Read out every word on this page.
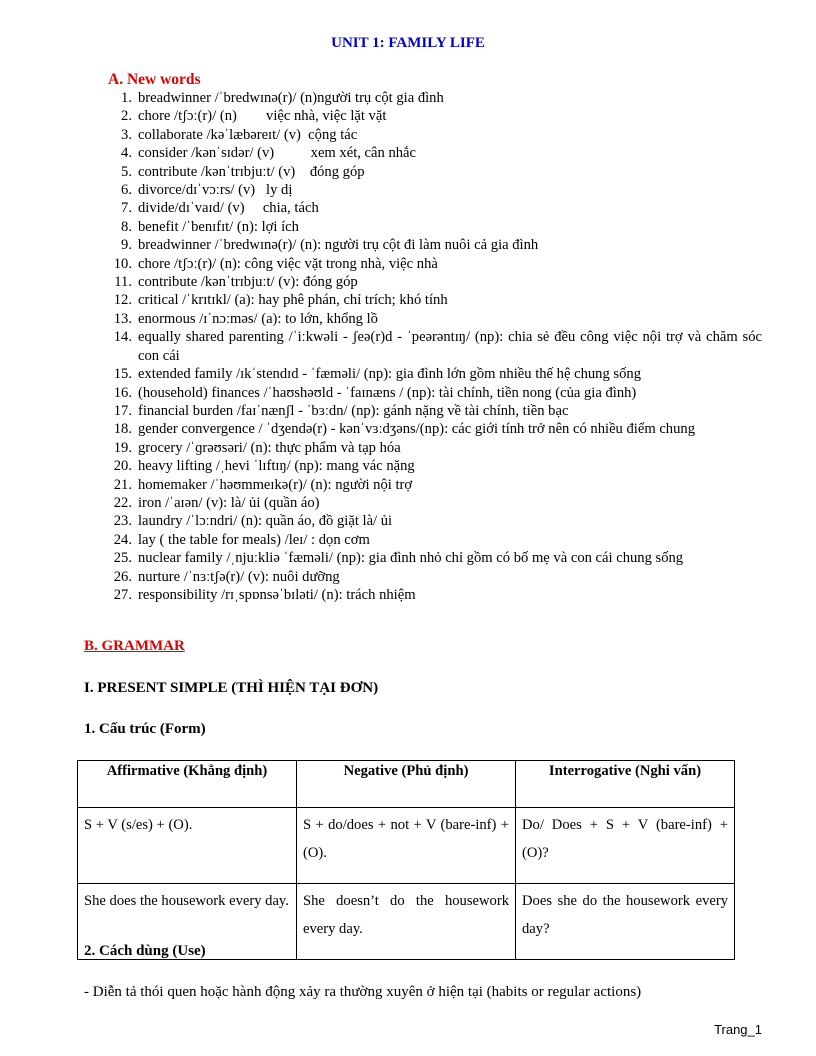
UNIT 1: FAMILY LIFE
A. New words
1. breadwinner /ˈbredwɪnə(r)/ (n)người trụ cột gia đình
2. chore /tʃɔː(r)/ (n)        việc nhà, việc lặt vặt
3. collaborate /kəˈlæbəreɪt/ (v)  cộng tác
4. consider /kənˈsɪdər/ (v)          xem xét, cân nhắc
5. contribute /kənˈtrɪbjuːt/ (v)    đóng góp
6. divorce/dɪˈvɔːrs/ (v)   ly dị
7. divide/dɪˈvaɪd/ (v)     chia, tách
8. benefit /ˈbenɪfɪt/ (n): lợi ích
9. breadwinner /ˈbredwɪnə(r)/ (n): người trụ cột đi làm nuôi cả gia đình
10. chore /tʃɔː(r)/ (n): công việc vặt trong nhà, việc nhà
11. contribute /kənˈtrɪbjuːt/ (v): đóng góp
12. critical /ˈkrɪtɪkl/ (a): hay phê phán, chỉ trích; khó tính
13. enormous /ɪˈnɔːməs/ (a): to lớn, khổng lồ
14. equally shared parenting /ˈiːkwəli - ʃeə(r)d - ˈpeərəntɪŋ/ (np): chia sẻ đều công việc nội trợ và chăm sóc con cái
15. extended family /ɪkˈstendɪd - ˈfæməli/ (np): gia đình lớn gồm nhiều thế hệ chung sống
16. (household) finances /ˈhaʊshəʊld - ˈfaɪnæns / (np): tài chính, tiền nong (của gia đình)
17. financial burden /faɪˈnænʃl - ˈbɜːdn/ (np): gánh nặng về tài chính, tiền bạc
18. gender convergence / ˈdʒendə(r) - kənˈvɜːdʒəns/(np): các giới tính trở nên có nhiều điểm chung
19. grocery /ˈɡrəʊsəri/ (n): thực phẩm và tạp hóa
20. heavy lifting /ˌhevi ˈlɪftɪŋ/ (np): mang vác nặng
21. homemaker /ˈhəʊmmeɪkə(r)/ (n): người nội trợ
22. iron /ˈaɪən/ (v): là/ ủi (quần áo)
23. laundry /ˈlɔːndri/ (n): quần áo, đồ giặt là/ ủi
24. lay ( the table for meals) /leɪ/ : dọn cơm
25. nuclear family /ˌnjuːkliə ˈfæməli/ (np): gia đình nhỏ chỉ gồm có bố mẹ và con cái chung sống
26. nurture /ˈnɜːtʃə(r)/ (v): nuôi dưỡng
27. responsibility /rɪˌspɒnsəˈbɪləti/ (n): trách nhiệm
B. GRAMMAR
I. PRESENT SIMPLE (THÌ HIỆN TẠI ĐƠN)
1. Cấu trúc (Form)
Affirmative (Khẳng định)	Negative (Phủ định)	Interrogative (Nghi vấn)
S + V (s/es) + (O).	S + do/does + not + V (bare-inf) + (O).	Do/ Does + S + V (bare-inf) + (O)?
She does the housework every day.	She doesn’t do the housework every day.	Does she do the housework every day?
2. Cách dùng (Use)
- Diễn tả thói quen hoặc hành động xảy ra thường xuyên ở hiện tại (habits or regular actions)
Trang_1
